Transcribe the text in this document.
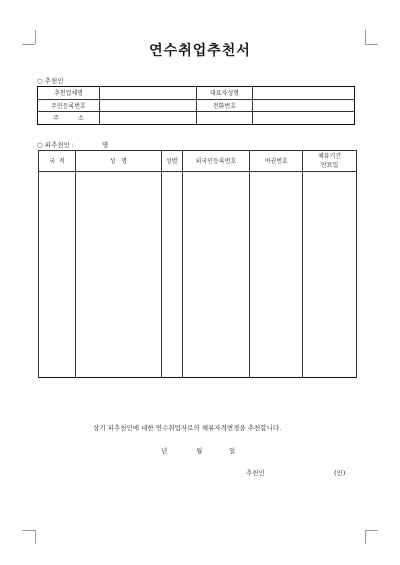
연수취업추천서
○ 추천인
추천업체명		대표자성명	
주민등록번호		전화번호	
주          소			
○ 피추천인 :	명
국  적	성   명	성별	외국인등록번호	여권번호	체류기간
만료일

상기 피추천인에 대한 연수취업자로의 체류자격변경을 추천합니다.
년	월	일
추천인	(인)
